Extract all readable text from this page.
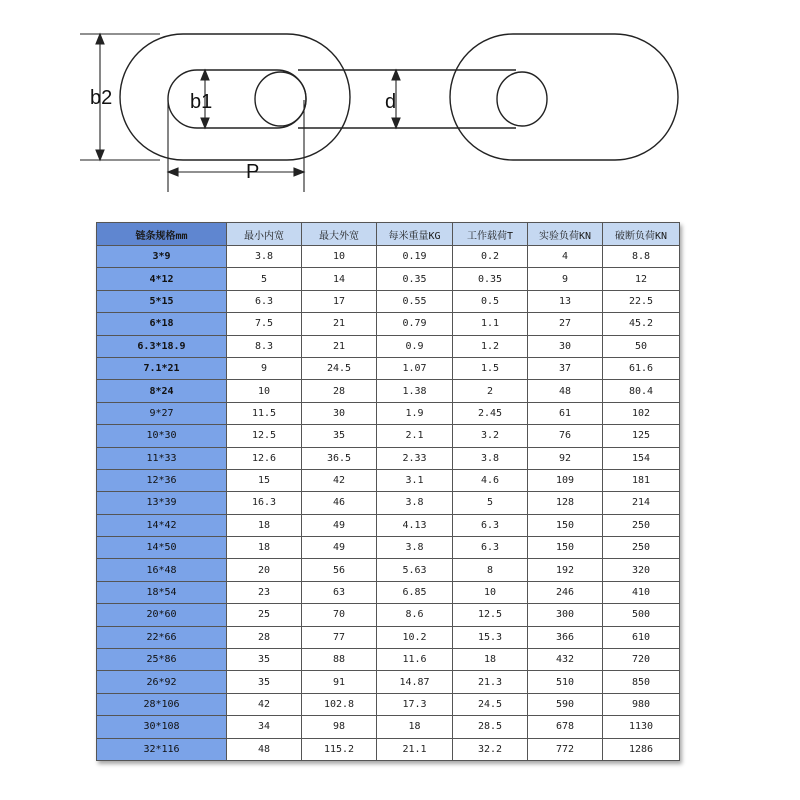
b2	b1	d
P
链条规格mm	最小内宽	最大外宽	每米重量KG	工作载荷T	实验负荷KN	破断负荷KN
3*9	3.8	10	0.19	0.2	4	8.8
4*12	5	14	0.35	0.35	9	12
5*15	6.3	17	0.55	0.5	13	22.5
6*18	7.5	21	0.79	1.1	27	45.2
6.3*18.9	8.3	21	0.9	1.2	30	50
7.1*21	9	24.5	1.07	1.5	37	61.6
8*24	10	28	1.38	2	48	80.4
9*27	11.5	30	1.9	2.45	61	102
10*30	12.5	35	2.1	3.2	76	125
11*33	12.6	36.5	2.33	3.8	92	154
12*36	15	42	3.1	4.6	109	181
13*39	16.3	46	3.8	5	128	214
14*42	18	49	4.13	6.3	150	250
14*50	18	49	3.8	6.3	150	250
16*48	20	56	5.63	8	192	320
18*54	23	63	6.85	10	246	410
20*60	25	70	8.6	12.5	300	500
22*66	28	77	10.2	15.3	366	610
25*86	35	88	11.6	18	432	720
26*92	35	91	14.87	21.3	510	850
28*106	42	102.8	17.3	24.5	590	980
30*108	34	98	18	28.5	678	1130
32*116	48	115.2	21.1	32.2	772	1286
